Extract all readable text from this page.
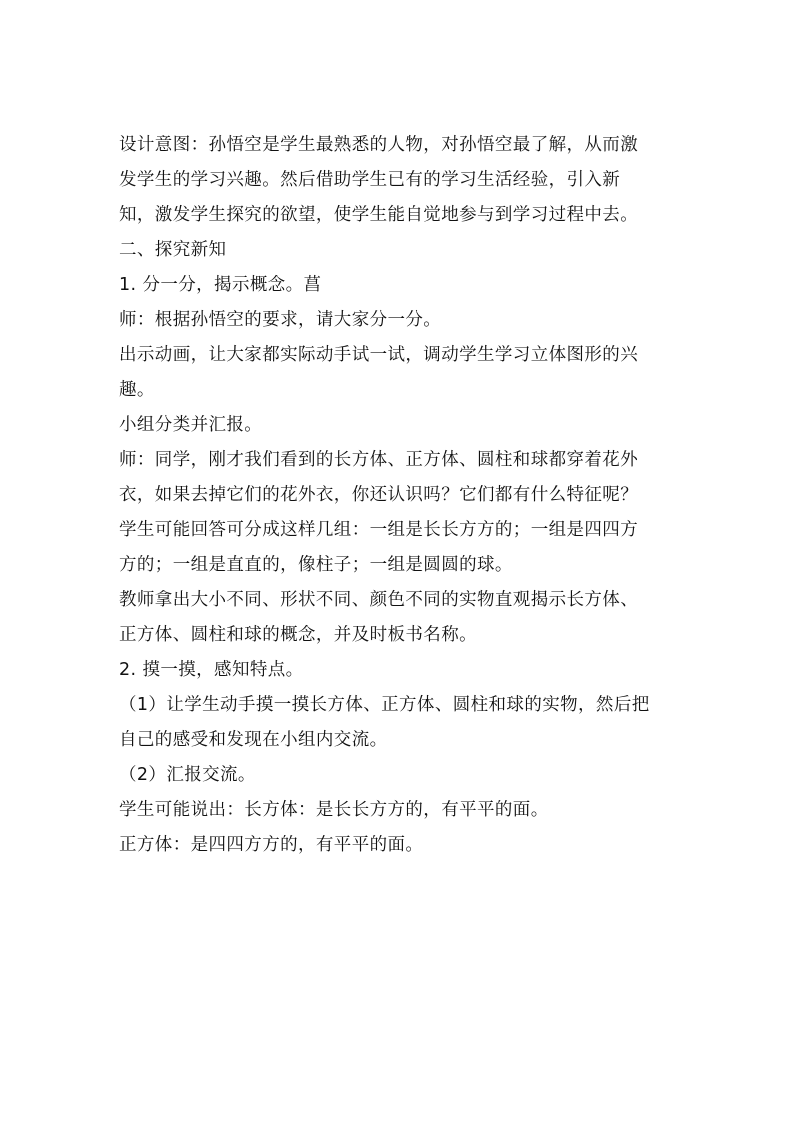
设计意图：孙悟空是学生最熟悉的人物，对孙悟空最了解，从而激
发学生的学习兴趣。然后借助学生已有的学习生活经验，引入新
知，激发学生探究的欲望，使学生能自觉地参与到学习过程中去。
二、探究新知
1. 分一分，揭示概念。菖
师：根据孙悟空的要求，请大家分一分。
出示动画，让大家都实际动手试一试，调动学生学习立体图形的兴
趣。
小组分类并汇报。
师：同学，刚才我们看到的长方体、正方体、圆柱和球都穿着花外
衣，如果去掉它们的花外衣，你还认识吗？它们都有什么特征呢？
学生可能回答可分成这样几组：一组是长长方方的；一组是四四方
方的；一组是直直的，像柱子；一组是圆圆的球。
教师拿出大小不同、形状不同、颜色不同的实物直观揭示长方体、
正方体、圆柱和球的概念，并及时板书名称。
2. 摸一摸，感知特点。
（1）让学生动手摸一摸长方体、正方体、圆柱和球的实物，然后把
自己的感受和发现在小组内交流。
（2）汇报交流。
学生可能说出：长方体：是长长方方的，有平平的面。
正方体：是四四方方的，有平平的面。
